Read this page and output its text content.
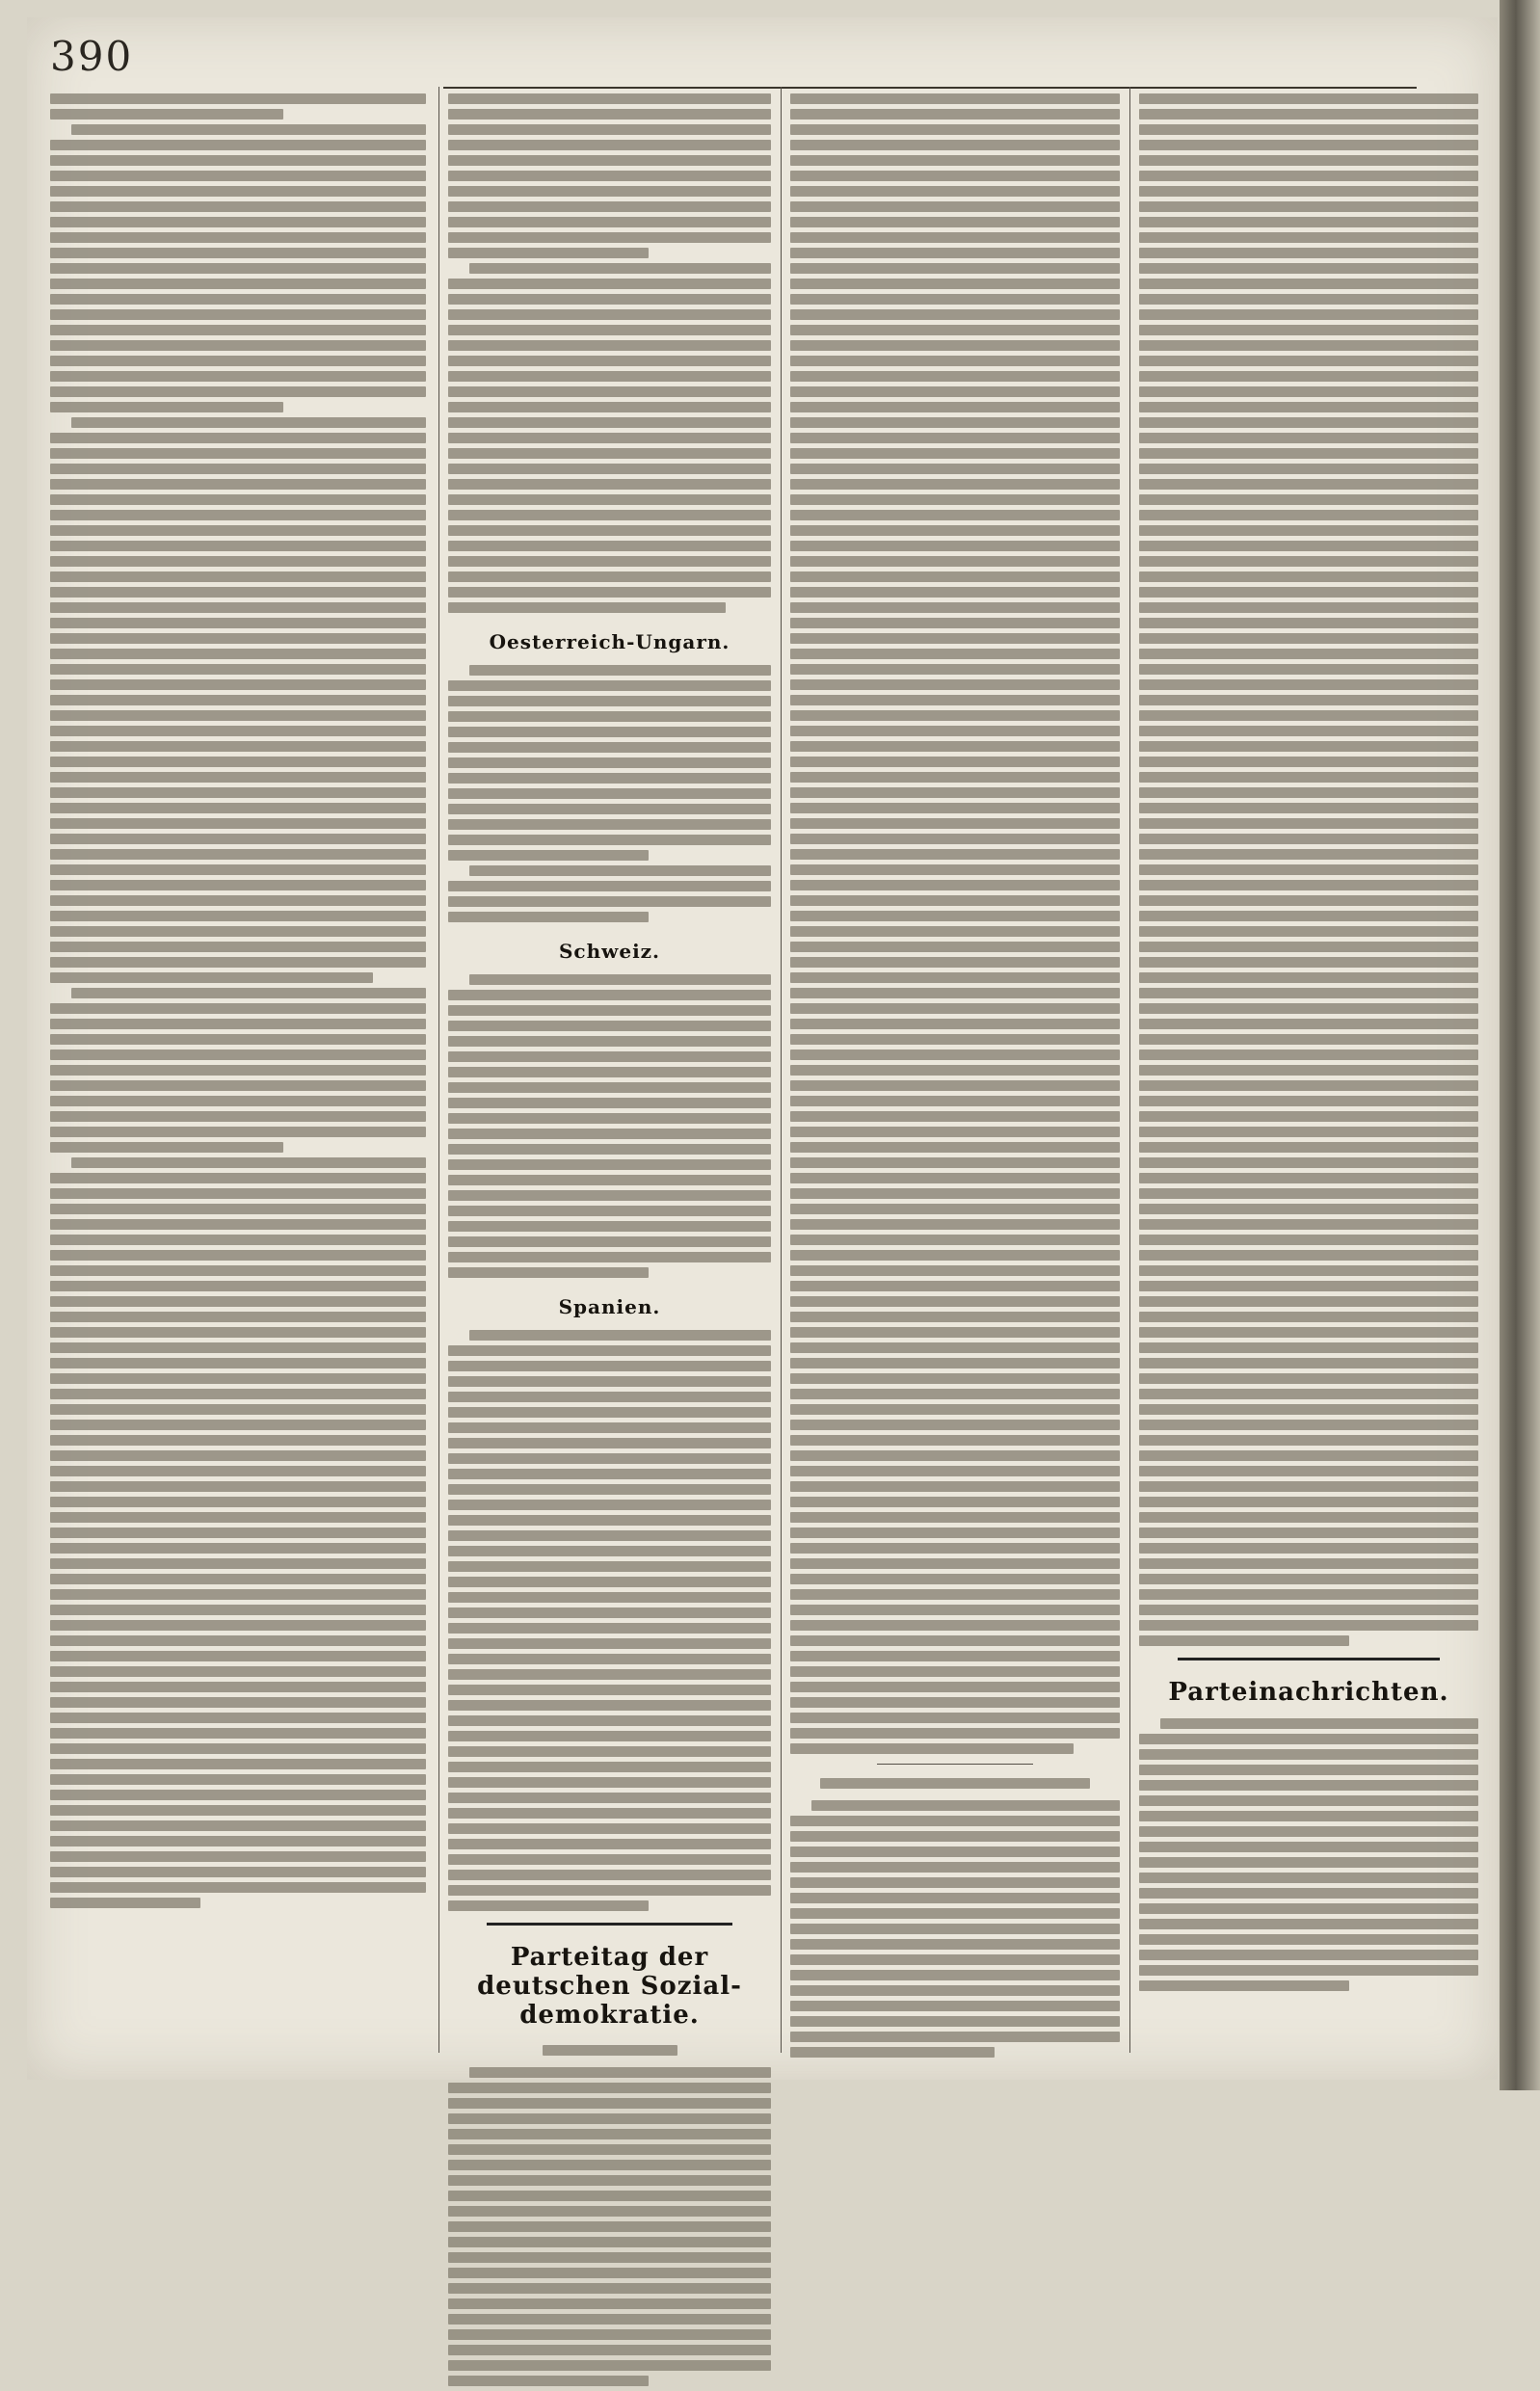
390
Oesterreich-Ungarn.
Schweiz.
Spanien.
Parteitag der deutschen Sozial-demokratie.
Parteinachrichten.
